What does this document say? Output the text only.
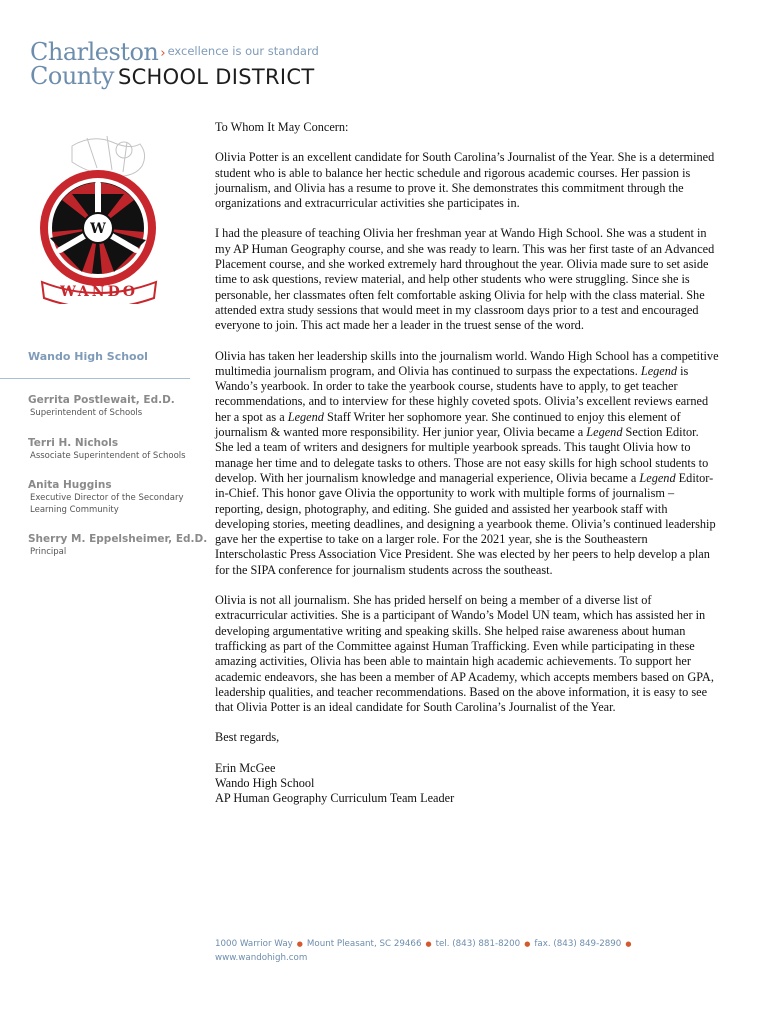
Charleston › $^{excellence is our standard}$
County SCHOOL DISTRICT
W
WANDO
Wando High School
Gerrita Postlewait, Ed.D.
Superintendent of Schools
Terri H. Nichols
Associate Superintendent of Schools
Anita Huggins
Executive Director of the Secondary
Learning Community
Sherry M. Eppelsheimer, Ed.D.
Principal

To Whom It May Concern:

Olivia Potter is an excellent candidate for South Carolina’s Journalist of the Year. She is a determined student who is able to balance her hectic schedule and rigorous academic courses. Her passion is journalism, and Olivia has a resume to prove it. She demonstrates this commitment through the organizations and extracurricular activities she participates in.

I had the pleasure of teaching Olivia her freshman year at Wando High School. She was a student in my AP Human Geography course, and she was ready to learn. This was her first taste of an Advanced Placement course, and she worked extremely hard throughout the year. Olivia made sure to set aside time to ask questions, review material, and help other students who were struggling. Since she is personable, her classmates often felt comfortable asking Olivia for help with the class material. She attended extra study sessions that would meet in my classroom days prior to a test and encouraged everyone to join. This act made her a leader in the truest sense of the word.

Olivia has taken her leadership skills into the journalism world. Wando High School has a competitive multimedia journalism program, and Olivia has continued to surpass the expectations. Legend is Wando’s yearbook. In order to take the yearbook course, students have to apply, to get teacher recommendations, and to interview for these highly coveted spots. Olivia’s excellent reviews earned her a spot as a Legend Staff Writer her sophomore year. She continued to enjoy this element of journalism & wanted more responsibility. Her junior year, Olivia became a Legend Section Editor. She led a team of writers and designers for multiple yearbook spreads. This taught Olivia how to manage her time and to delegate tasks to others. Those are not easy skills for high school students to develop. With her journalism knowledge and managerial experience, Olivia became a Legend Editor-in-Chief. This honor gave Olivia the opportunity to work with multiple forms of journalism – reporting, design, photography, and editing. She guided and assisted her yearbook staff with developing stories, meeting deadlines, and designing a yearbook theme. Olivia’s continued leadership gave her the expertise to take on a larger role. For the 2021 year, she is the Southeastern Interscholastic Press Association Vice President. She was elected by her peers to help develop a plan for the SIPA conference for journalism students across the southeast.

Olivia is not all journalism. She has prided herself on being a member of a diverse list of extracurricular activities. She is a participant of Wando’s Model UN team, which has assisted her in developing argumentative writing and speaking skills. She helped raise awareness about human trafficking as part of the Committee against Human Trafficking. Even while participating in these amazing activities, Olivia has been able to maintain high academic achievements. To support her academic endeavors, she has been a member of AP Academy, which accepts members based on GPA, leadership qualities, and teacher recommendations. Based on the above information, it is easy to see that Olivia Potter is an ideal candidate for South Carolina’s Journalist of the Year.

Best regards,

Erin McGee
Wando High School
AP Human Geography Curriculum Team Leader

1000 Warrior Way ● Mount Pleasant, SC 29466 ● tel. (843) 881-8200 ● fax. (843) 849-2890 ●
www.wandohigh.com
